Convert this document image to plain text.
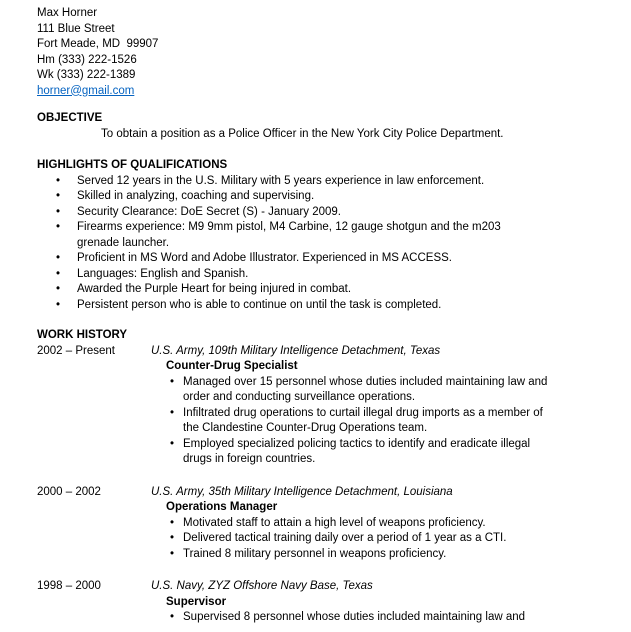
Max Horner
111 Blue Street
Fort Meade, MD  99907
Hm (333) 222-1526
Wk (333) 222-1389
horner@gmail.com
OBJECTIVE

To obtain a position as a Police Officer in the New York City Police Department.

HIGHLIGHTS OF QUALIFICATIONS
• Served 12 years in the U.S. Military with 5 years experience in law enforcement.
• Skilled in analyzing, coaching and supervising.
• Security Clearance: DoE Secret (S) - January 2009.
• Firearms experience: M9 9mm pistol, M4 Carbine, 12 gauge shotgun and the m203 grenade launcher.
• Proficient in MS Word and Adobe Illustrator. Experienced in MS ACCESS.
• Languages: English and Spanish.
• Awarded the Purple Heart for being injured in combat.
• Persistent person who is able to continue on until the task is completed.
WORK HISTORY
2002 – Present	U.S. Army, 109th Military Intelligence Detachment, Texas
Counter-Drug Specialist
• Managed over 15 personnel whose duties included maintaining law and order and conducting surveillance operations.
• Infiltrated drug operations to curtail illegal drug imports as a member of the Clandestine Counter-Drug Operations team.
• Employed specialized policing tactics to identify and eradicate illegal drugs in foreign countries.
2000 – 2002	U.S. Army, 35th Military Intelligence Detachment, Louisiana
Operations Manager
• Motivated staff to attain a high level of weapons proficiency.
• Delivered tactical training daily over a period of 1 year as a CTI.
• Trained 8 military personnel in weapons proficiency.
1998 – 2000	U.S. Navy, ZYZ Offshore Navy Base, Texas
Supervisor
• Supervised 8 personnel whose duties included maintaining law and
